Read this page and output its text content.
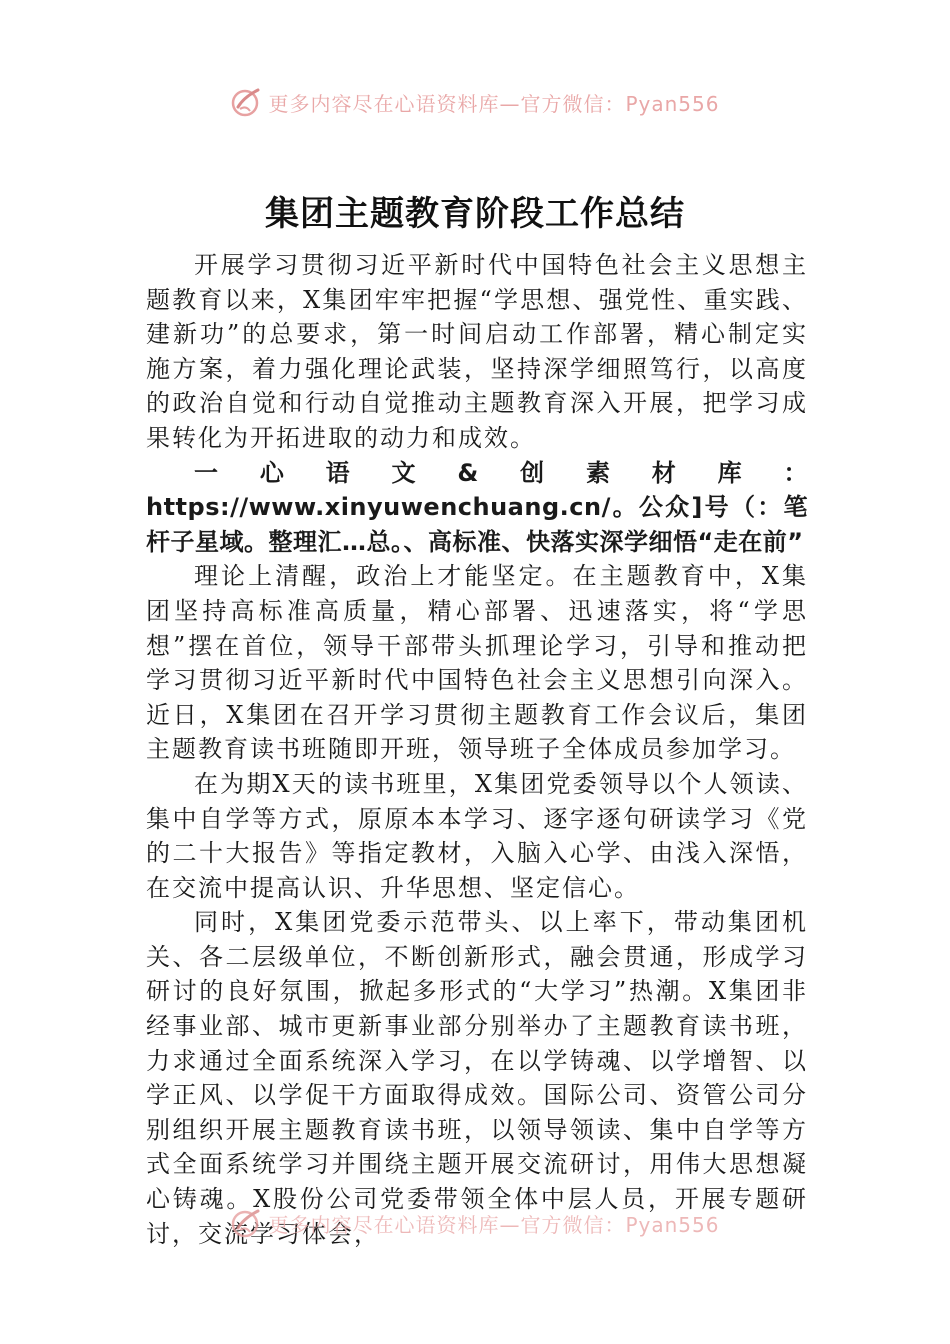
更多内容尽在心语资料库—官方微信：Pyan556
集团主题教育阶段工作总结

开展学习贯彻习近平新时代中国特色社会主义思想主题教育以来，X集团牢牢把握“学思想、强党性、重实践、建新功”的总要求，第一时间启动工作部署，精心制定实施方案，着力强化理论武装，坚持深学细照笃行，以高度的政治自觉和行动自觉推动主题教育深入开展，把学习成果转化为开拓进取的动力和成效。

一心语文&创素材库：https://www.xinyuwenchuang.cn/。公众]号（：笔杆子星域。整理汇…总。、高标准、快落实深学细悟“走在前”

理论上清醒，政治上才能坚定。在主题教育中，X集团坚持高标准高质量，精心部署、迅速落实，将“学思想”摆在首位，领导干部带头抓理论学习，引导和推动把学习贯彻习近平新时代中国特色社会主义思想引向深入。近日，X集团在召开学习贯彻主题教育工作会议后，集团主题教育读书班随即开班，领导班子全体成员参加学习。

在为期X天的读书班里，X集团党委领导以个人领读、集中自学等方式，原原本本学习、逐字逐句研读学习《党的二十大报告》等指定教材，入脑入心学、由浅入深悟，在交流中提高认识、升华思想、坚定信心。

同时，X集团党委示范带头、以上率下，带动集团机关、各二层级单位，不断创新形式，融会贯通，形成学习研讨的良好氛围，掀起多形式的“大学习”热潮。X集团非经事业部、城市更新事业部分别举办了主题教育读书班，力求通过全面系统深入学习，在以学铸魂、以学增智、以学正风、以学促干方面取得成效。国际公司、资管公司分别组织开展主题教育读书班，以领导领读、集中自学等方式全面系统学习并围绕主题开展交流研讨，用伟大思想凝心铸魂。X股份公司党委带领全体中层人员，开展专题研讨，交流学习体会，

更多内容尽在心语资料库—官方微信：Pyan556
